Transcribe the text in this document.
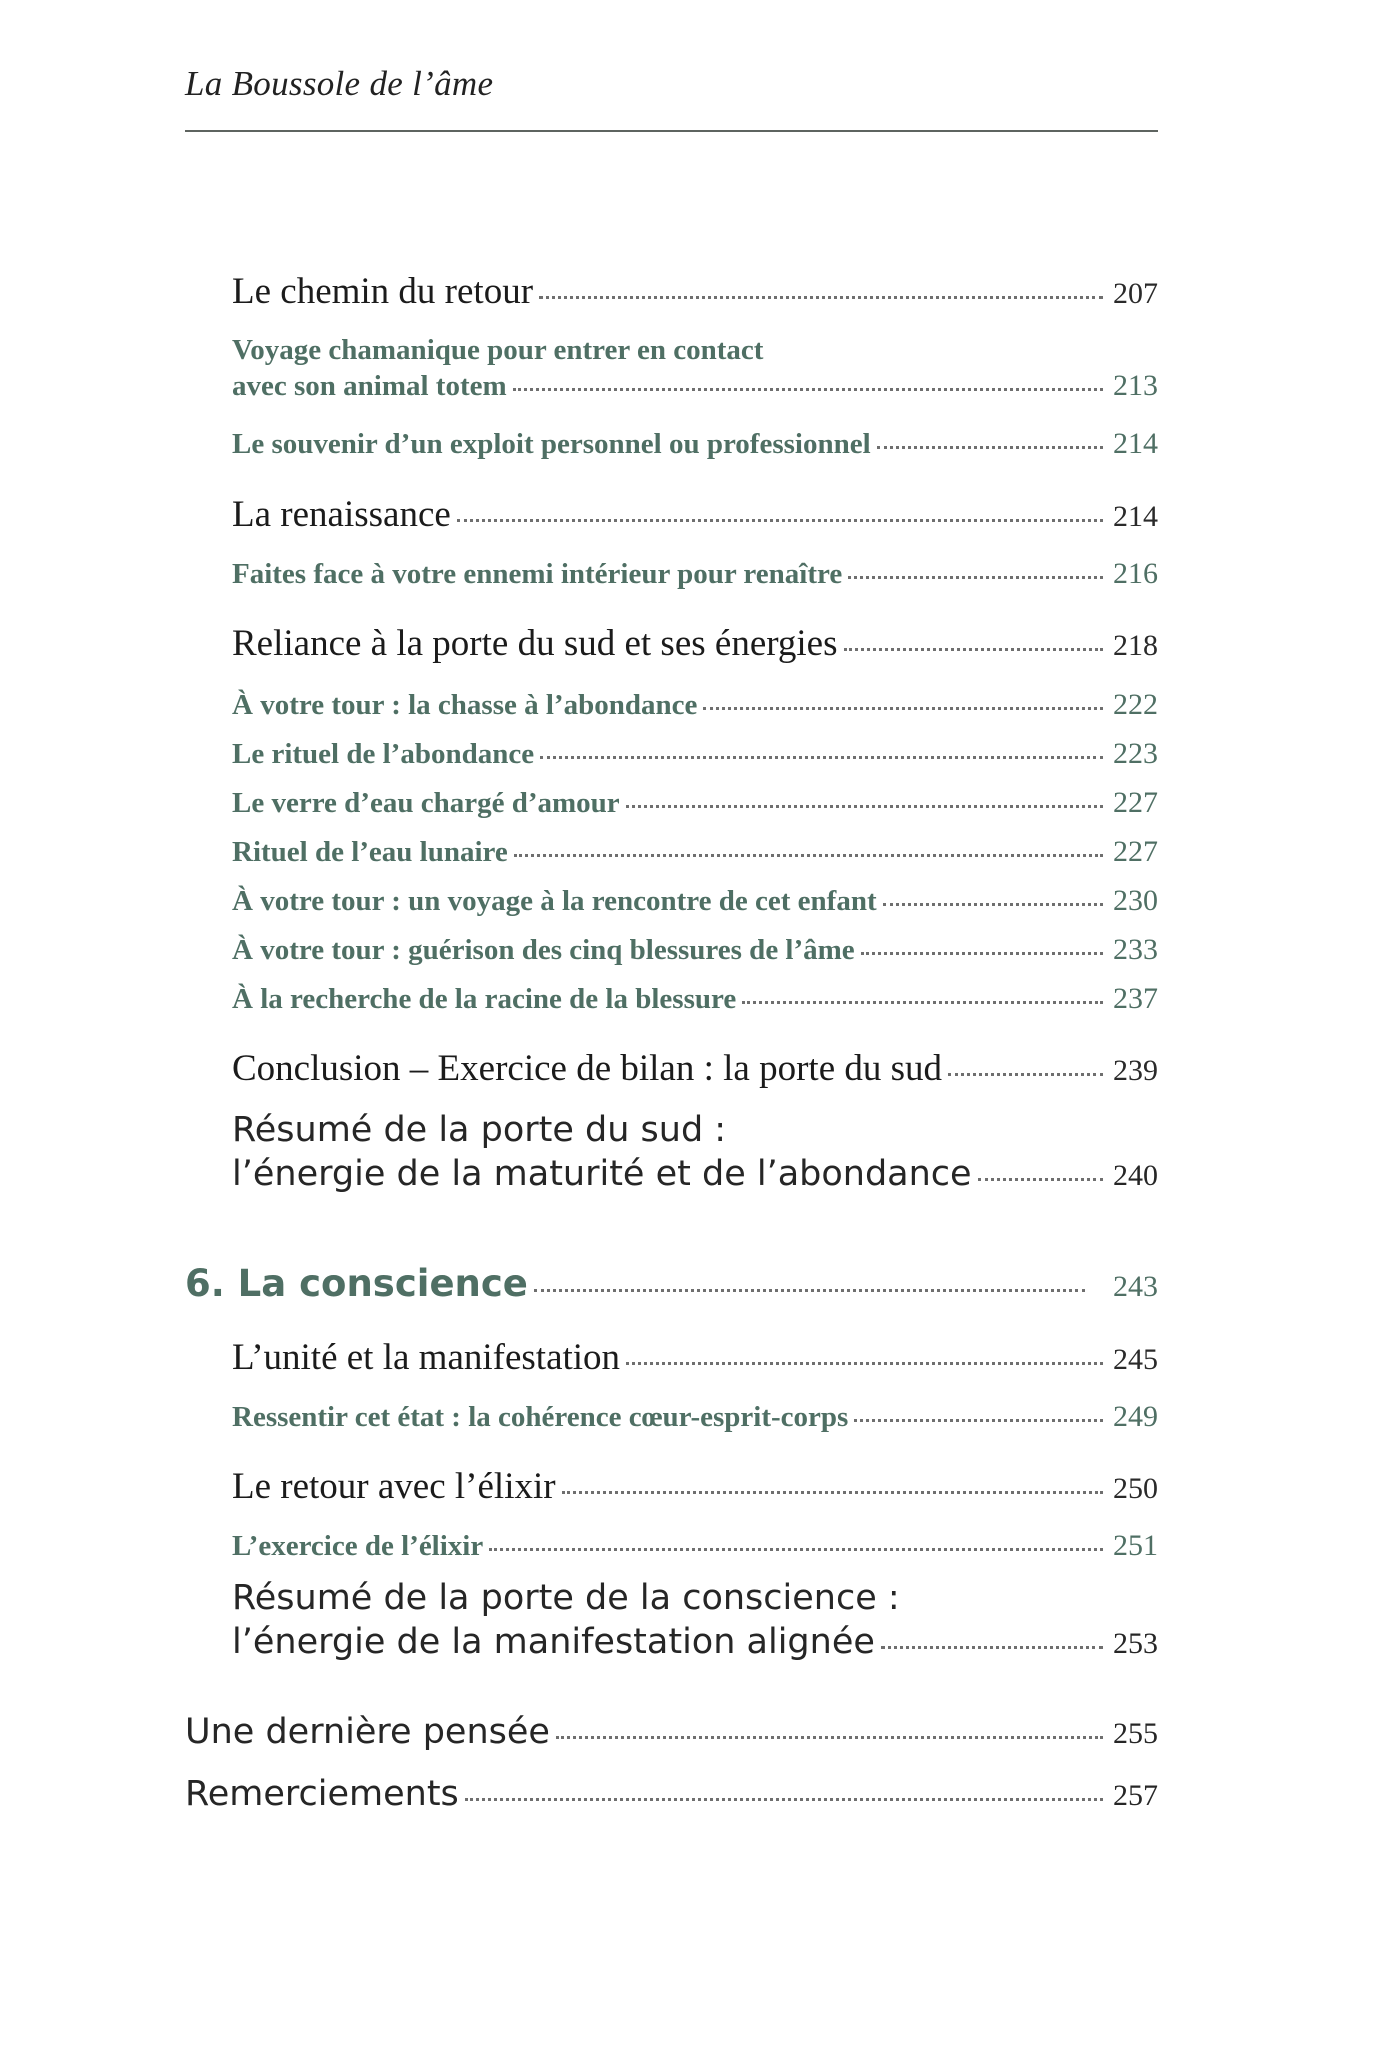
La Boussole de l’âme
Le chemin du retour	207
Voyage chamanique pour entrer en contact
avec son animal totem	213
Le souvenir d’un exploit personnel ou professionnel	214
La renaissance	214
Faites face à votre ennemi intérieur pour renaître	216
Reliance à la porte du sud et ses énergies	218
À votre tour : la chasse à l’abondance	222
Le rituel de l’abondance	223
Le verre d’eau chargé d’amour	227
Rituel de l’eau lunaire	227
À votre tour : un voyage à la rencontre de cet enfant	230
À votre tour : guérison des cinq blessures de l’âme	233
À la recherche de la racine de la blessure	237
Conclusion – Exercice de bilan : la porte du sud	239
Résumé de la porte du sud :
l’énergie de la maturité et de l’abondance	240
6. La conscience	243
L’unité et la manifestation	245
Ressentir cet état : la cohérence cœur-esprit-corps	249
Le retour avec l’élixir	250
L’exercice de l’élixir	251
Résumé de la porte de la conscience :
l’énergie de la manifestation alignée	253
Une dernière pensée	255
Remerciements	257
